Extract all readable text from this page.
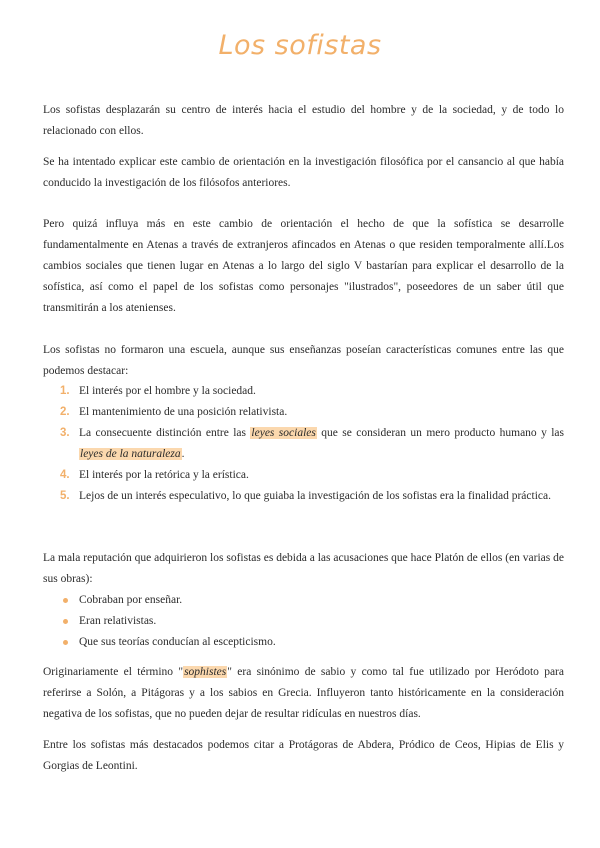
Los sofistas

Los sofistas desplazarán su centro de interés hacia el estudio del hombre y de la sociedad, y de todo lo relacionado con ellos.

Se ha intentado explicar este cambio de orientación en la investigación filosófica por el cansancio al que había conducido la investigación de los filósofos anteriores.

Pero quizá influya más en este cambio de orientación el hecho de que la sofística se desarrolle fundamentalmente en Atenas a través de extranjeros afincados en Atenas o que residen temporalmente allí.Los cambios sociales que tienen lugar en Atenas a lo largo del siglo V bastarían para explicar el desarrollo de la sofística, así como el papel de los sofistas como personajes "ilustrados", poseedores de un saber útil que transmitirán a los atenienses.

Los sofistas no formaron una escuela, aunque sus enseñanzas poseían características comunes entre las que podemos destacar:

1. El interés por el hombre y la sociedad.
2. El mantenimiento de una posición relativista.
3. La consecuente distinción entre las leyes sociales que se consideran un mero producto humano y las leyes de la naturaleza.
4. El interés por la retórica y la erística.
5. Lejos de un interés especulativo, lo que guiaba la investigación de los sofistas era la finalidad práctica.

La mala reputación que adquirieron los sofistas es debida a las acusaciones que hace Platón de ellos (en varias de sus obras):

Cobraban por enseñar.
Eran relativistas.
Que sus teorías conducían al escepticismo.

Originariamente el término "sophistes" era sinónimo de sabio y como tal fue utilizado por Heródoto para referirse a Solón, a Pitágoras y a los sabios en Grecia. Influyeron tanto históricamente en la consideración negativa de los sofistas, que no pueden dejar de resultar ridículas en nuestros días.

Entre los sofistas más destacados podemos citar a Protágoras de Abdera, Pródico de Ceos, Hipias de Elis y Gorgias de Leontini.
